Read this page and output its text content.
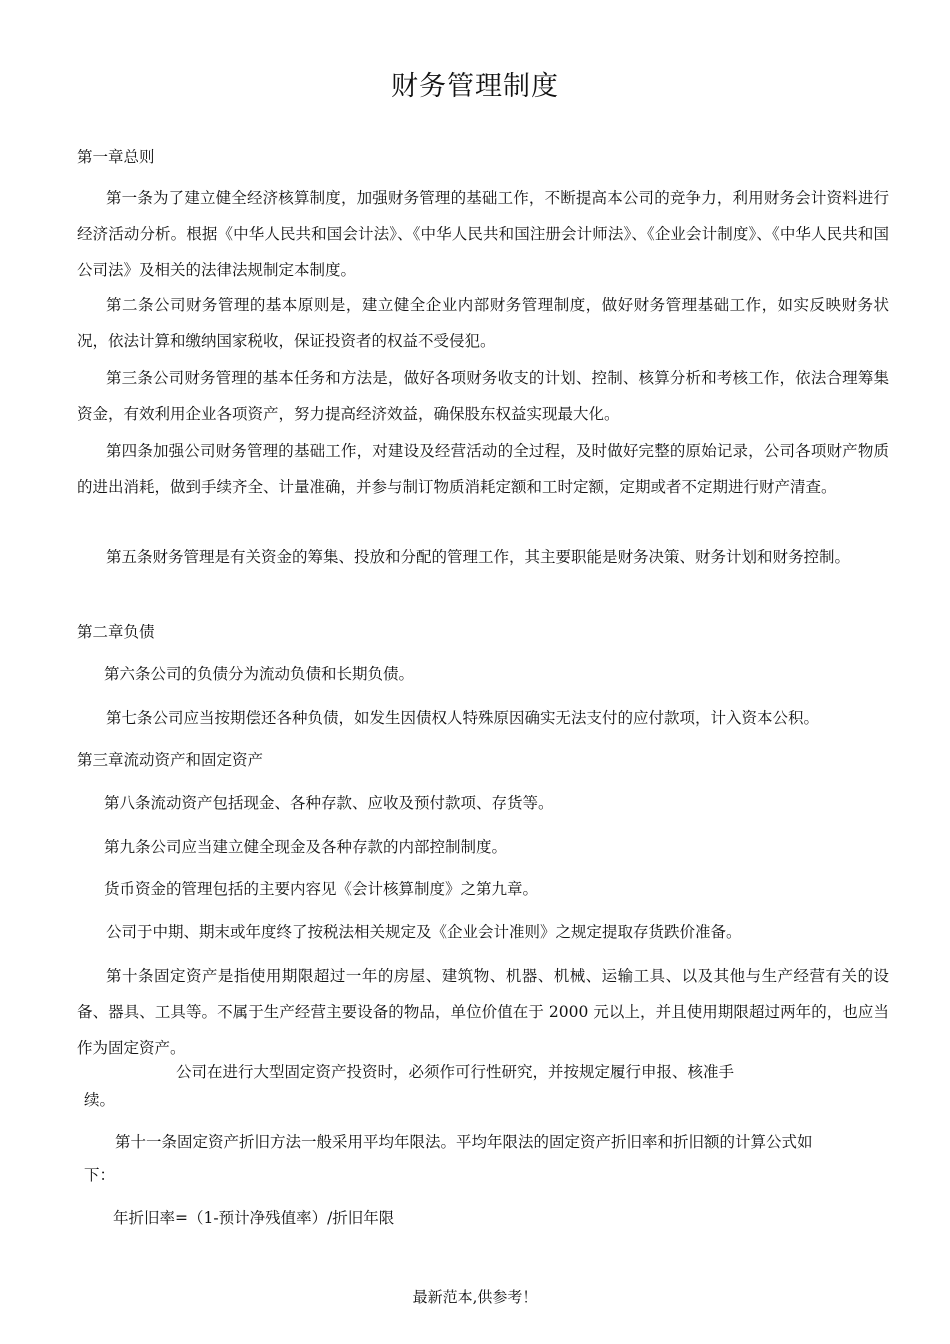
财务管理制度
第一章总则
第一条为了建立健全经济核算制度，加强财务管理的基础工作，不断提高本公司的竞争力，利用财务会计资料进行经济活动分析。根据《中华人民共和国会计法》、《中华人民共和国注册会计师法》、《企业会计制度》、《中华人民共和国公司法》及相关的法律法规制定本制度。
第二条公司财务管理的基本原则是，建立健全企业内部财务管理制度，做好财务管理基础工作，如实反映财务状况，依法计算和缴纳国家税收，保证投资者的权益不受侵犯。
第三条公司财务管理的基本任务和方法是，做好各项财务收支的计划、控制、核算分析和考核工作，依法合理筹集资金，有效利用企业各项资产，努力提高经济效益，确保股东权益实现最大化。
第四条加强公司财务管理的基础工作，对建设及经营活动的全过程，及时做好完整的原始记录，公司各项财产物质的进出消耗，做到手续齐全、计量准确，并参与制订物质消耗定额和工时定额，定期或者不定期进行财产清查。
第五条财务管理是有关资金的筹集、投放和分配的管理工作，其主要职能是财务决策、财务计划和财务控制。
第二章负债
第六条公司的负债分为流动负债和长期负债。
第七条公司应当按期偿还各种负债，如发生因债权人特殊原因确实无法支付的应付款项，计入资本公积。
第三章流动资产和固定资产
第八条流动资产包括现金、各种存款、应收及预付款项、存货等。
第九条公司应当建立健全现金及各种存款的内部控制制度。
货币资金的管理包括的主要内容见《会计核算制度》之第九章。
公司于中期、期末或年度终了按税法相关规定及《企业会计准则》之规定提取存货跌价准备。
第十条固定资产是指使用期限超过一年的房屋、建筑物、机器、机械、运输工具、以及其他与生产经营有关的设备、器具、工具等。不属于生产经营主要设备的物品，单位价值在于 2000 元以上，并且使用期限超过两年的，也应当作为固定资产。
公司在进行大型固定资产投资时，必须作可行性研究，并按规定履行申报、核准手
续。
第十一条固定资产折旧方法一般采用平均年限法。平均年限法的固定资产折旧率和折旧额的计算公式如
下：
年折旧率=（1-预计净残值率）/折旧年限
最新范本,供参考！
